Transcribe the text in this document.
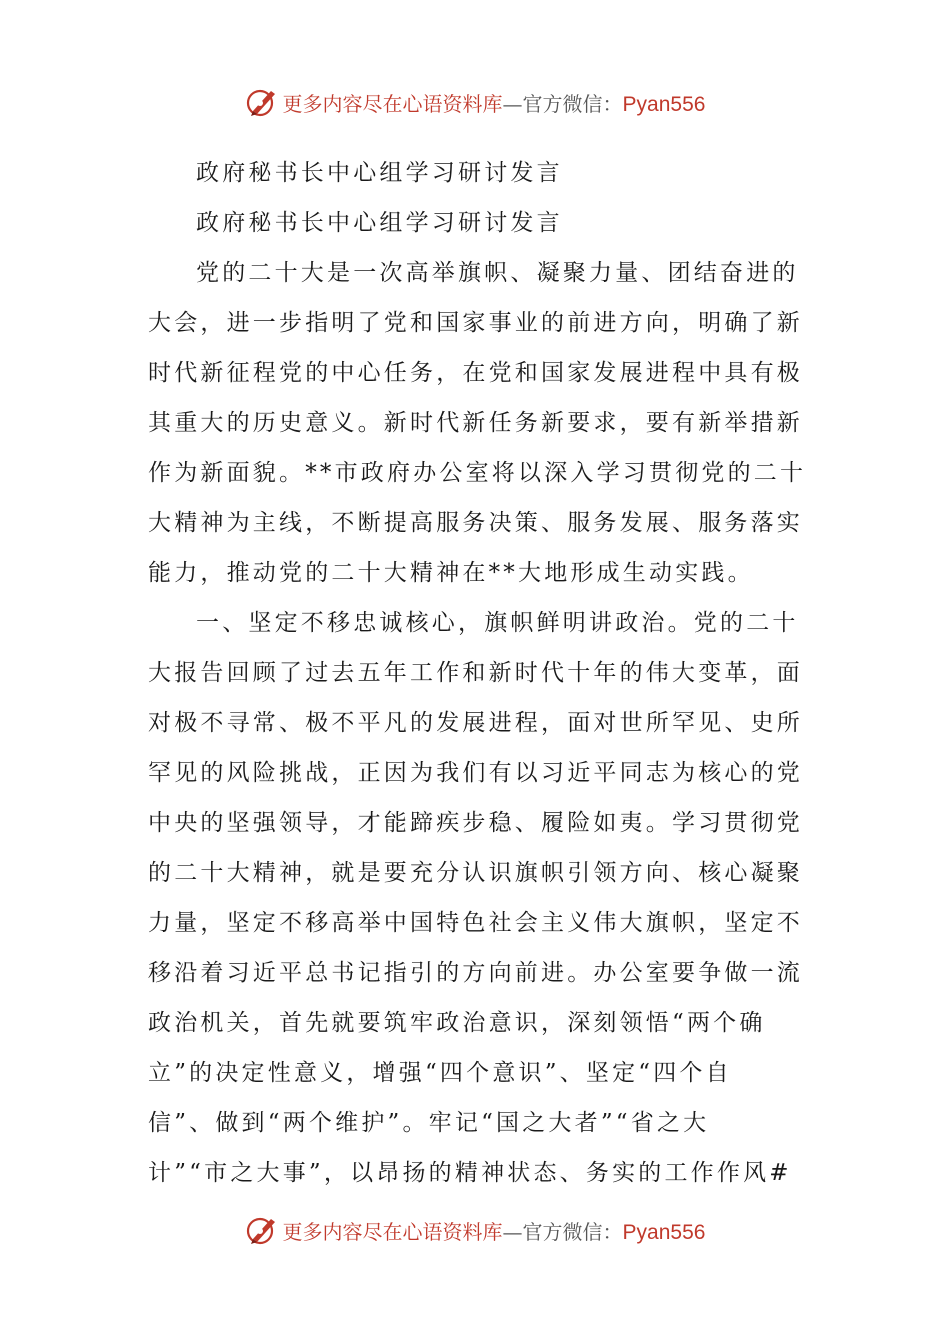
更多内容尽在心语资料库—官方微信：Pyan556
政府秘书长中心组学习研讨发言
政府秘书长中心组学习研讨发言
党的二十大是一次高举旗帜、凝聚力量、团结奋进的
大会，进一步指明了党和国家事业的前进方向，明确了新
时代新征程党的中心任务，在党和国家发展进程中具有极
其重大的历史意义。新时代新任务新要求，要有新举措新
作为新面貌。**市政府办公室将以深入学习贯彻党的二十
大精神为主线，不断提高服务决策、服务发展、服务落实
能力，推动党的二十大精神在**大地形成生动实践。
一、坚定不移忠诚核心，旗帜鲜明讲政治。党的二十
大报告回顾了过去五年工作和新时代十年的伟大变革，面
对极不寻常、极不平凡的发展进程，面对世所罕见、史所
罕见的风险挑战，正因为我们有以习近平同志为核心的党
中央的坚强领导，才能蹄疾步稳、履险如夷。学习贯彻党
的二十大精神，就是要充分认识旗帜引领方向、核心凝聚
力量，坚定不移高举中国特色社会主义伟大旗帜，坚定不
移沿着习近平总书记指引的方向前进。办公室要争做一流
政治机关，首先就要筑牢政治意识，深刻领悟“两个确
立”的决定性意义，增强“四个意识”、坚定“四个自
信”、做到“两个维护”。牢记“国之大者”“省之大
计”“市之大事”，以昂扬的精神状态、务实的工作作风#
更多内容尽在心语资料库—官方微信：Pyan556
